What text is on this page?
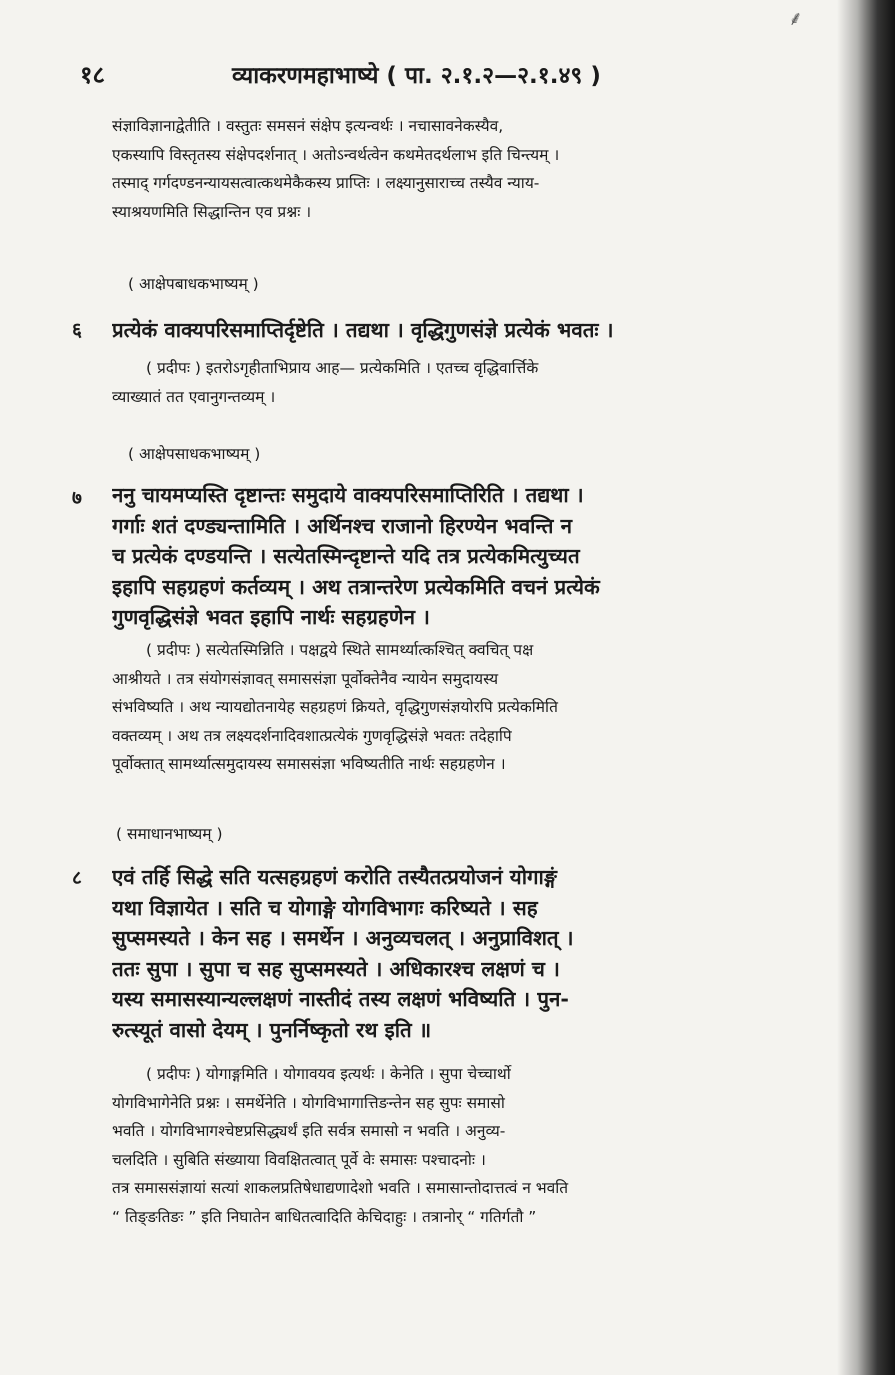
⸙
१८	व्याकरणमहाभाष्ये ( पा. २.१.२—२.१.४९ )

संज्ञाविज्ञानाद्वेतीति । वस्तुतः समसनं संक्षेप इत्यन्वर्थः । नचासावनेकस्यैव,

एकस्यापि विस्तृतस्य संक्षेपदर्शनात् । अतोऽन्वर्थत्वेन कथमेतदर्थलाभ इति चिन्त्यम् ।

तस्माद् गर्गदण्डनन्यायसत्वात्कथमेकैकस्य प्राप्तिः । लक्ष्यानुसाराच्च तस्यैव न्याय-

स्याश्रयणमिति सिद्धान्तिन एव प्रश्नः ।

( आक्षेपबाधकभाष्यम् )
६ प्रत्येकं वाक्यपरिसमाप्तिर्दृष्टेति । तद्यथा । वृद्धिगुणसंज्ञे प्रत्येकं भवतः ।

( प्रदीपः ) इतरोऽगृहीताभिप्राय आह— प्रत्येकमिति । एतच्च वृद्धिवार्त्तिके

व्याख्यातं तत एवानुगन्तव्यम् ।

( आक्षेपसाधकभाष्यम् )
७ ननु चायमप्यस्ति दृष्टान्तः समुदाये वाक्यपरिसमाप्तिरिति । तद्यथा ।

गर्गाः शतं दण्ड्यन्तामिति । अर्थिनश्च राजानो हिरण्येन भवन्ति न

च प्रत्येकं दण्डयन्ति । सत्येतस्मिन्दृष्टान्ते यदि तत्र प्रत्येकमित्युच्यत

इहापि सहग्रहणं कर्तव्यम् । अथ तत्रान्तरेण प्रत्येकमिति वचनं प्रत्येकं

गुणवृद्धिसंज्ञे भवत इहापि नार्थः सहग्रहणेन ।

( प्रदीपः ) सत्येतस्मिन्निति । पक्षद्वये स्थिते सामर्थ्यात्कश्चित् क्वचित् पक्ष

आश्रीयते । तत्र संयोगसंज्ञावत् समाससंज्ञा पूर्वोक्तेनैव न्यायेन समुदायस्य

संभविष्यति । अथ न्यायद्योतनायेह सहग्रहणं क्रियते, वृद्धिगुणसंज्ञयोरपि प्रत्येकमिति

वक्तव्यम् । अथ तत्र लक्ष्यदर्शनादिवशात्प्रत्येकं गुणवृद्धिसंज्ञे भवतः तदेहापि

पूर्वोक्तात् सामर्थ्यात्समुदायस्य समाससंज्ञा भविष्यतीति नार्थः सहग्रहणेन ।

( समाधानभाष्यम् )
८ एवं तर्हि सिद्धे सति यत्सहग्रहणं करोति तस्यैतत्प्रयोजनं योगाङ्गं

यथा विज्ञायेत । सति च योगाङ्गे योगविभागः करिष्यते । सह

सुप्समस्यते । केन सह । समर्थेन । अनुव्यचलत् । अनुप्राविशत् ।

ततः सुपा । सुपा च सह सुप्समस्यते । अधिकारश्च लक्षणं च ।

यस्य समासस्यान्यल्लक्षणं नास्तीदं तस्य लक्षणं भविष्यति । पुन-

रुत्स्यूतं वासो देयम् । पुनर्निष्कृतो रथ इति ॥

( प्रदीपः ) योगाङ्गमिति । योगावयव इत्यर्थः । केनेति । सुपा चेच्चार्थो

योगविभागेनेति प्रश्नः । समर्थेनेति । योगविभागात्तिङन्तेन सह सुपः समासो

भवति । योगविभागश्चेष्टप्रसिद्ध्यर्थं इति सर्वत्र समासो न भवति । अनुव्य-

चलदिति । सुबिति संख्याया विवक्षितत्वात् पूर्वे वेः समासः पश्चादनोः ।

तत्र समाससंज्ञायां सत्यां शाकलप्रतिषेधाद्यणादेशो भवति । समासान्तोदात्तत्वं न भवति

“ तिङ्ङतिङः ” इति निघातेन बाधितत्वादिति केचिदाहुः । तत्रानोर् “ गतिर्गतौ ”
